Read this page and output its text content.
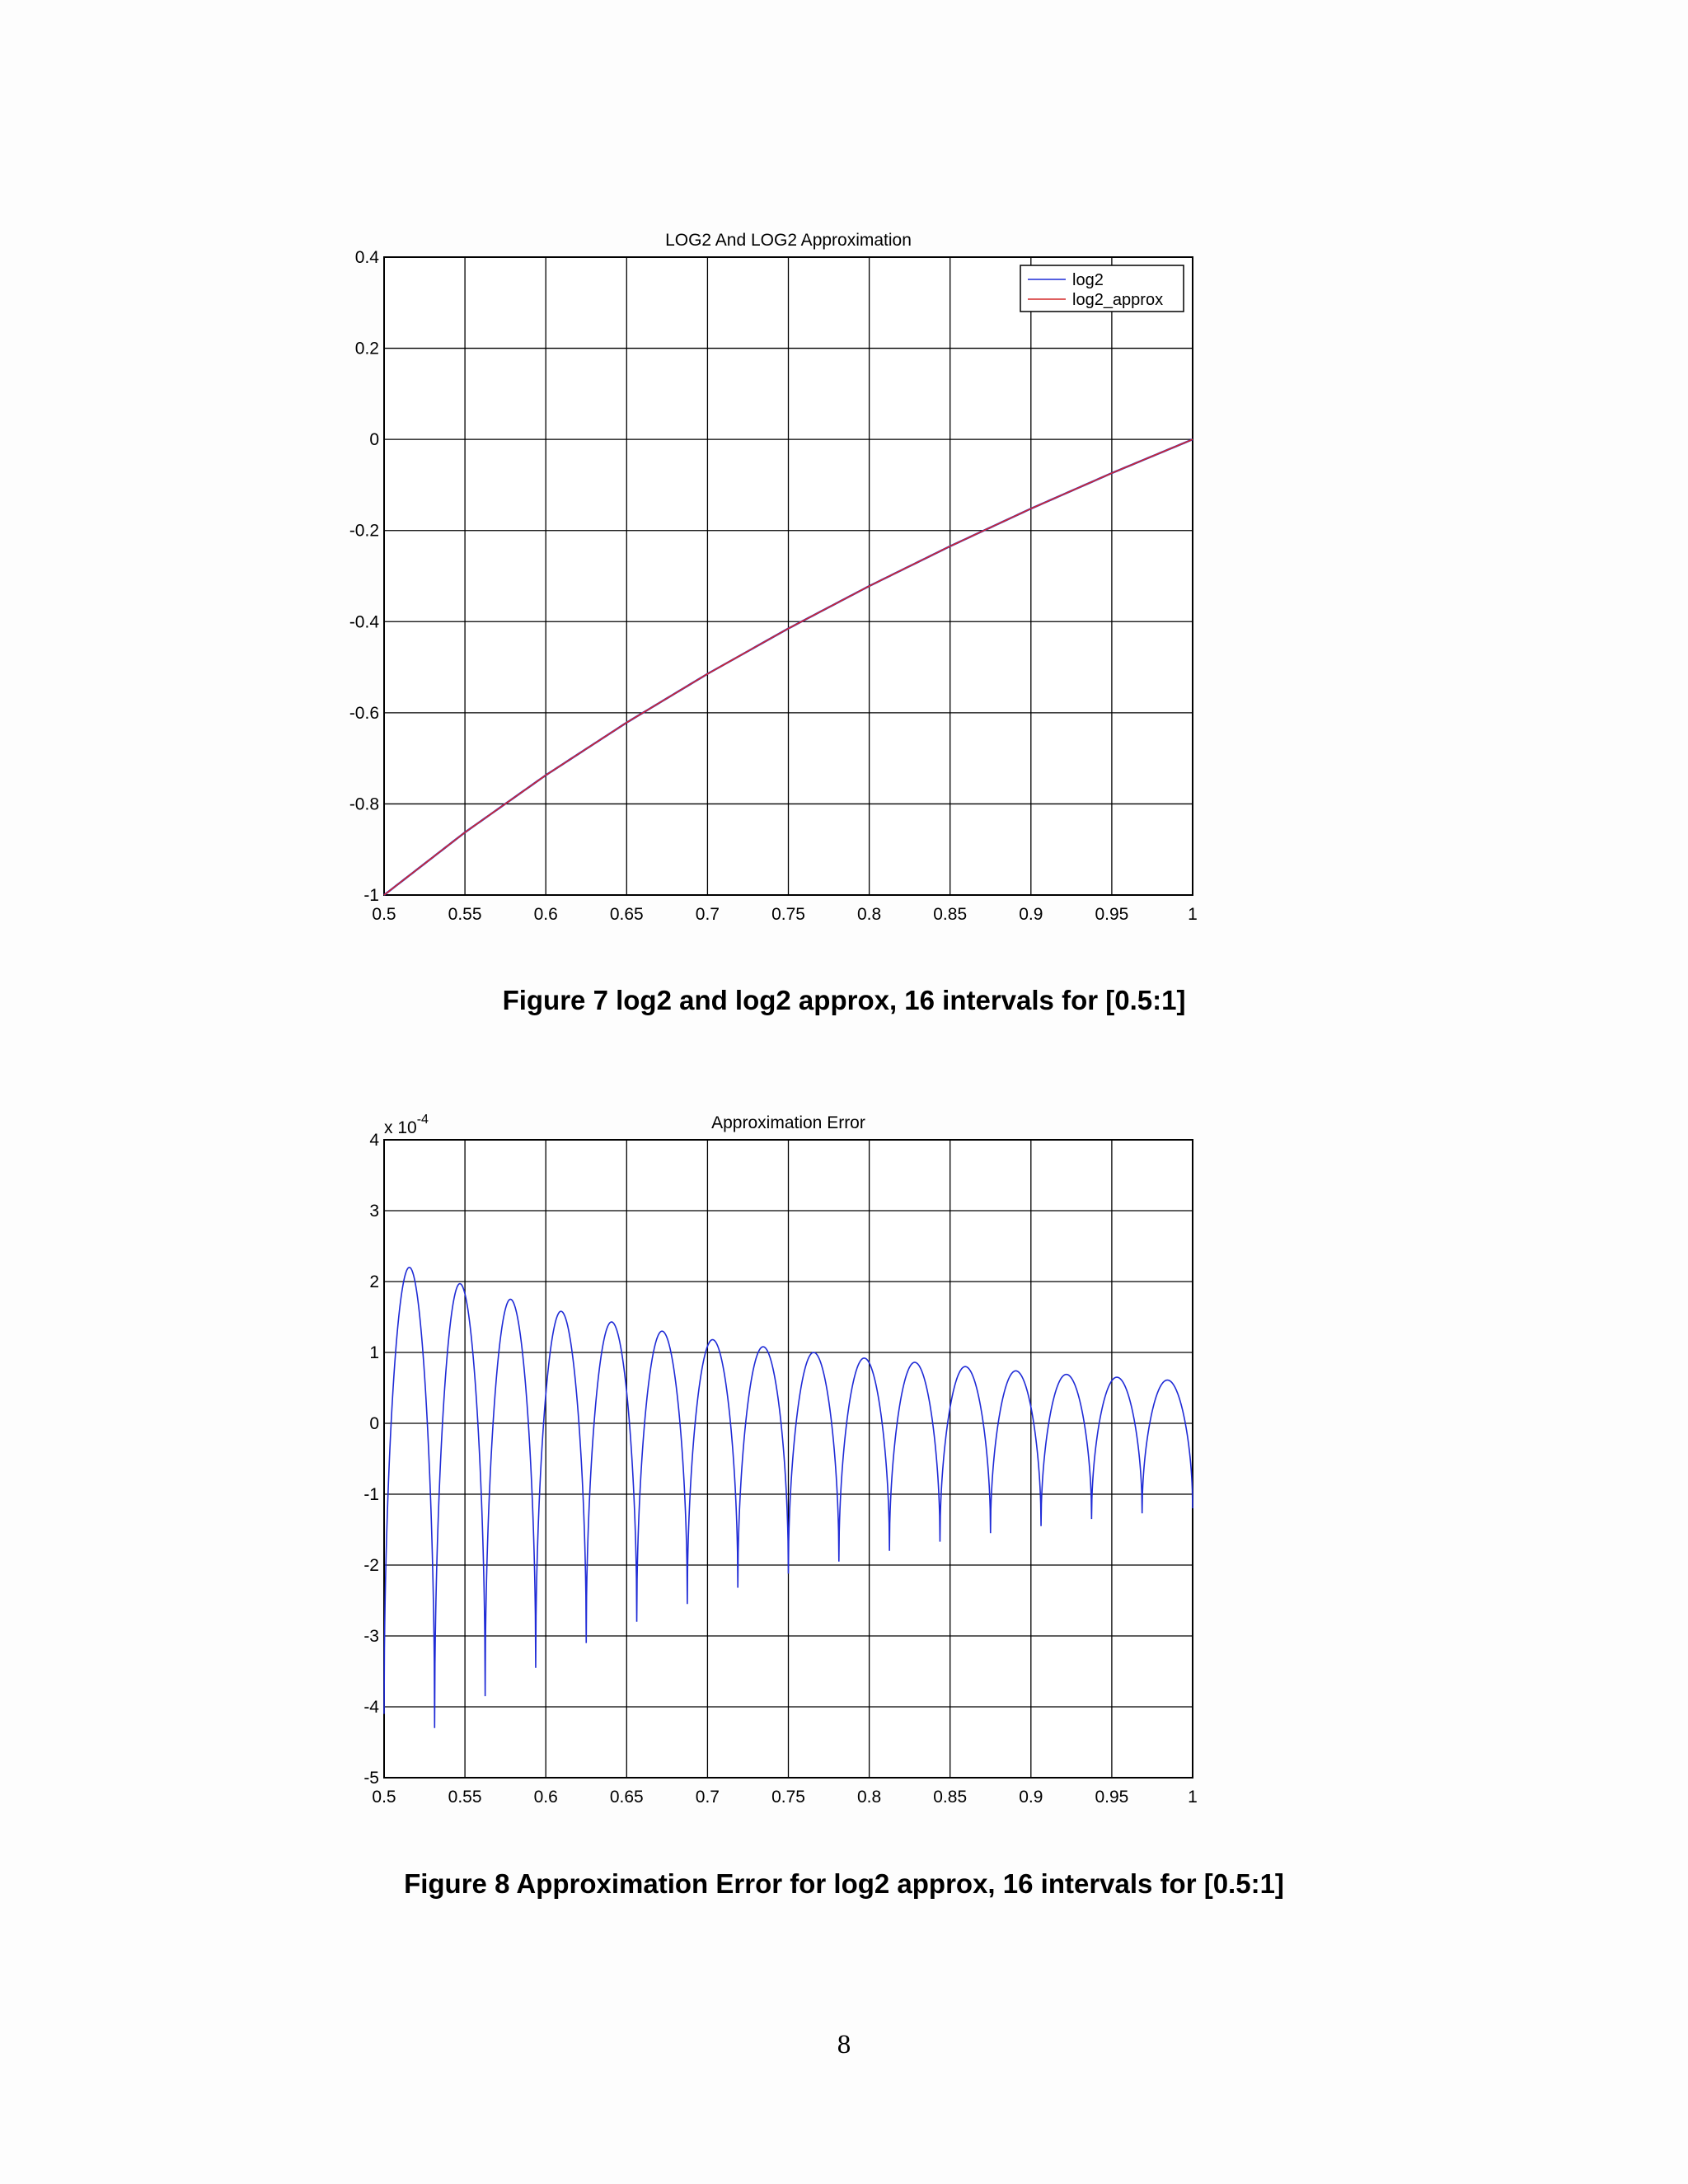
0.5	0.55	0.6	0.65	0.7	0.75	0.8	0.85	0.9	0.95	1
0.4
0.2
0
-0.2
-0.4
-0.6
-0.8
-1
LOG2 And LOG2 Approximation
log2
log2_approx
0.5	0.55	0.6	0.65	0.7	0.75	0.8	0.85	0.9	0.95	1
4
3
2
1
0
-1
-2
-3
-4
-5
Approximation Error
x $10^{-4}$
Figure 7 log2 and log2 approx, 16 intervals for [0.5:1]
Figure 8 Approximation Error for log2 approx, 16 intervals for [0.5:1]
8
